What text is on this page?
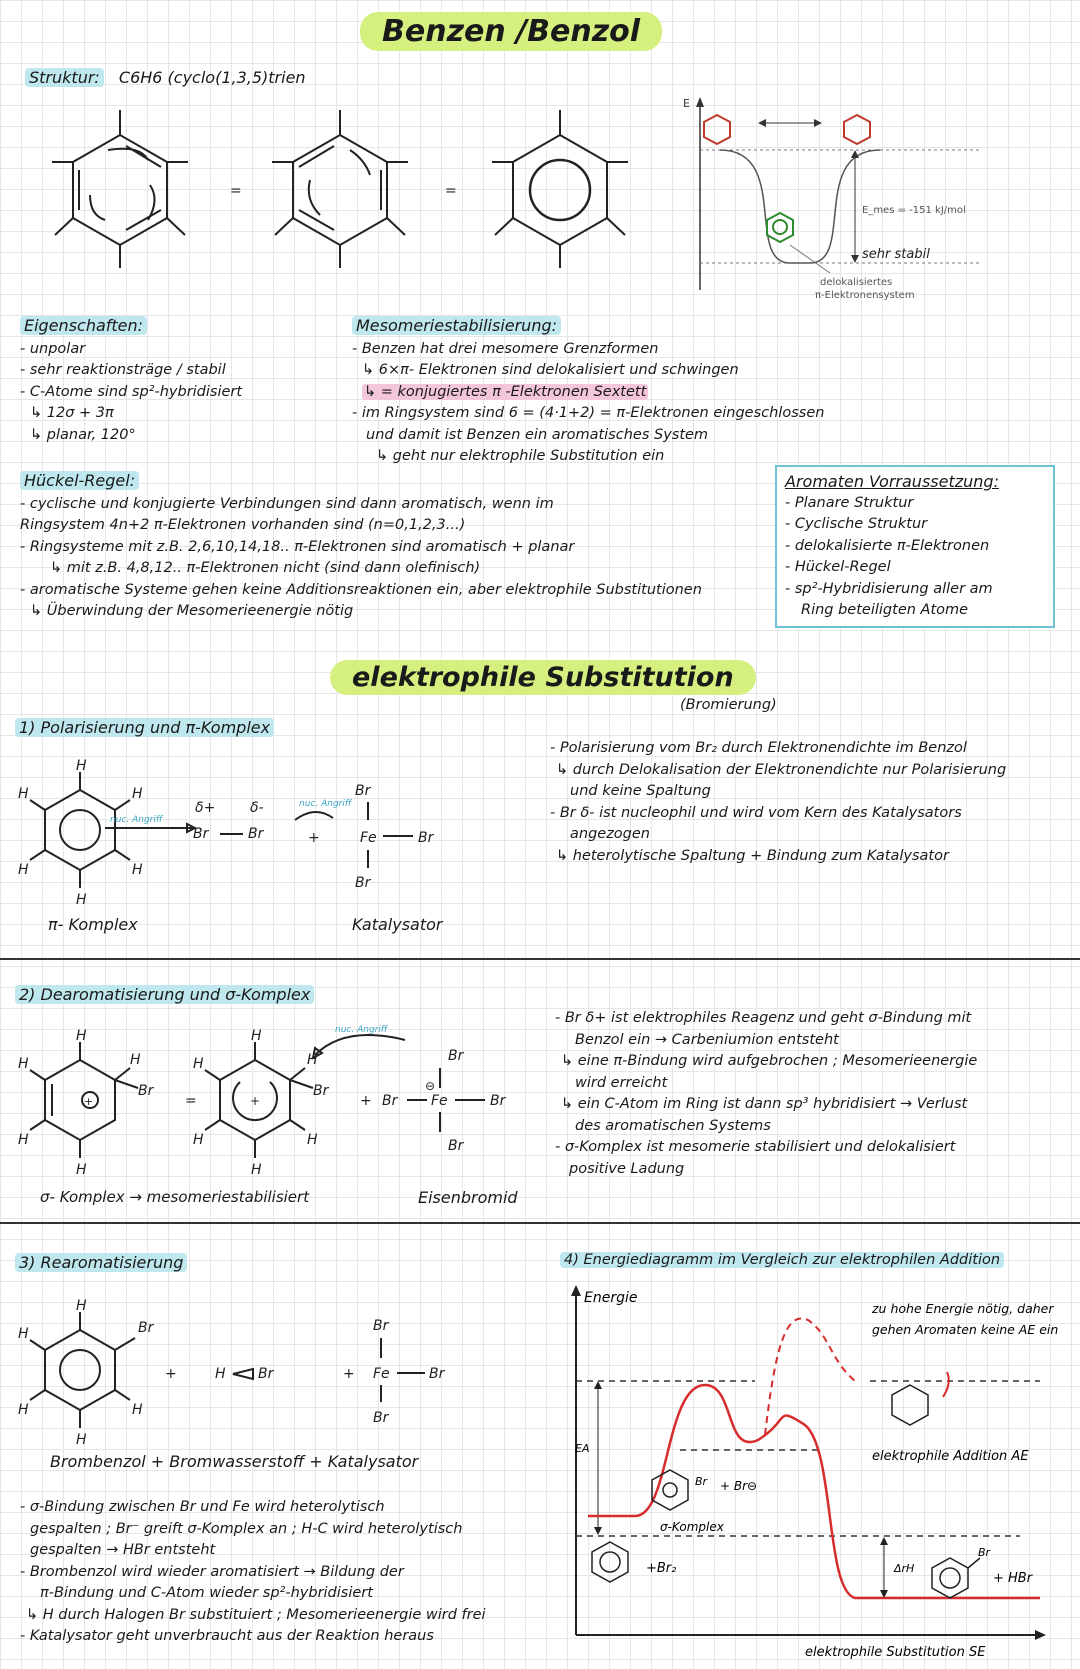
Benzen /Benzol
Struktur: C6H6 (cyclo(1,3,5)trien
=	=
E
E_mes = -151 kJ/mol
sehr stabil
delokalisiertes
π-Elektronensystem
Eigenschaften:
- unpolar
- sehr reaktionsträge / stabil
- C-Atome sind sp²-hybridisiert
↳ 12σ + 3π
↳ planar, 120°
Mesomeriestabilisierung:
- Benzen hat drei mesomere Grenzformen
↳ 6×π- Elektronen sind delokalisiert und schwingen
↳ = konjugiertes π -Elektronen Sextett
- im Ringsystem sind 6 = (4·1+2) = π-Elektronen eingeschlossen
und damit ist Benzen ein aromatisches System
↳ geht nur elektrophile Substitution ein
Hückel-Regel:
- cyclische und konjugierte Verbindungen sind dann aromatisch, wenn im
Ringsystem 4n+2 π-Elektronen vorhanden sind (n=0,1,2,3...)
- Ringsysteme mit z.B. 2,6,10,14,18.. π-Elektronen sind aromatisch + planar
↳ mit z.B. 4,8,12.. π-Elektronen nicht (sind dann olefinisch)
- aromatische Systeme gehen keine Additionsreaktionen ein, aber elektrophile Substitutionen
↳ Überwindung der Mesomerieenergie nötig
Aromaten Vorraussetzung:
- Planare Struktur
- Cyclische Struktur
- delokalisierte π-Elektronen
- Hückel-Regel
- sp²-Hybridisierung aller am
Ring beteiligten Atome
elektrophile Substitution
(Bromierung)
1) Polarisierung und π-Komplex
H
H
H
H
H	H
nuc. Angriff
δ+ δ-
Br	Br
nuc. Angriff
+
Br
Fe	Br
Br
π- Komplex	Katalysator
- Polarisierung vom Br₂ durch Elektronendichte im Benzol
↳ durch Delokalisation der Elektronendichte nur Polarisierung
und keine Spaltung
- Br δ- ist nucleophil und wird vom Kern des Katalysators
angezogen
↳ heterolytische Spaltung + Bindung zum Katalysator
2) Dearomatisierung und σ-Komplex
+
Br
H
H
H
H
H
=	+
Br
H
H
H
H
H	H
nuc. Angriff
+ Br
⊖
Fe
Br
Br
Br
σ- Komplex → mesomeriestabilisiert	Eisenbromid
- Br δ+ ist elektrophiles Reagenz und geht σ-Bindung mit
Benzol ein → Carbeniumion entsteht
↳ eine π-Bindung wird aufgebrochen ; Mesomerieenergie
wird erreicht
↳ ein C-Atom im Ring ist dann sp³ hybridisiert → Verlust
des aromatischen Systems
- σ-Komplex ist mesomerie stabilisiert und delokalisiert
positive Ladung
3) Rearomatisierung
Br
H
H
H
H	H
+	H Br	+
Br
Fe	Br
Br
Brombenzol + Bromwasserstoff + Katalysator
- σ-Bindung zwischen Br und Fe wird heterolytisch
gespalten ; Br⁻ greift σ-Komplex an ; H-C wird heterolytisch
gespalten → HBr entsteht
- Brombenzol wird wieder aromatisiert → Bildung der
π-Bindung und C-Atom wieder sp²-hybridisiert
↳ H durch Halogen Br substituiert ; Mesomerieenergie wird frei
- Katalysator geht unverbraucht aus der Reaktion heraus
4) Energiediagramm im Vergleich zur elektrophilen Addition
Energie
EA
ΔrH
zu hohe Energie nötig, daher
gehen Aromaten keine AE ein
elektrophile Addition AE
Br + Br⊖
σ-Komplex
+Br₂
Br
+ HBr
elektrophile Substitution SE
